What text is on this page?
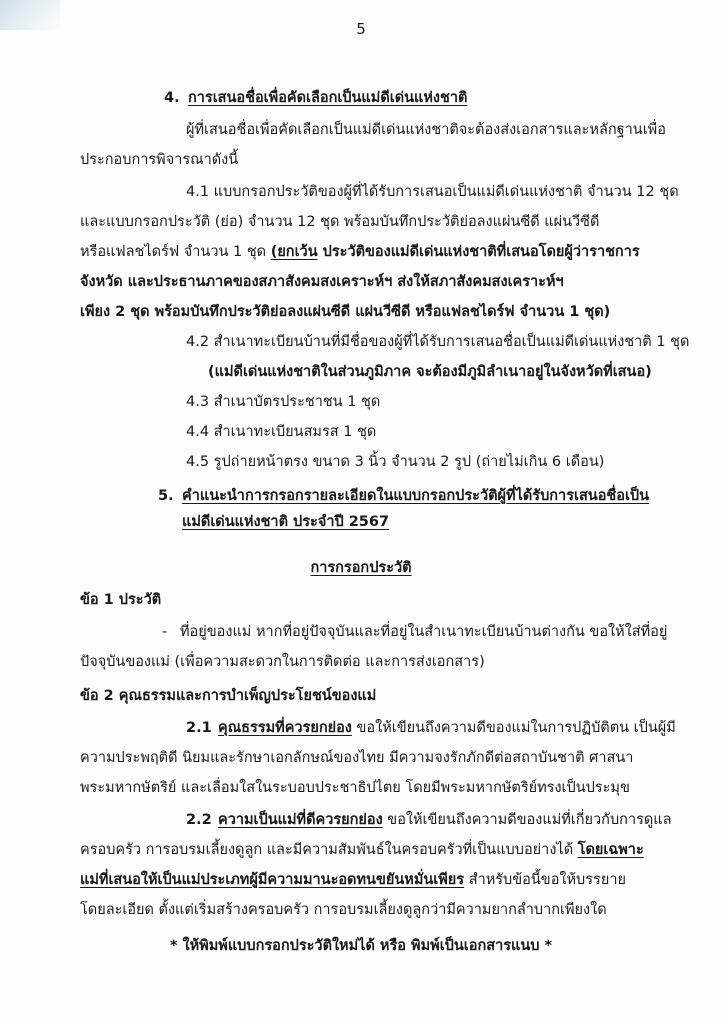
5
4. การเสนอชื่อเพื่อคัดเลือกเป็นแม่ดีเด่นแห่งชาติ
ผู้ที่เสนอชื่อเพื่อคัดเลือกเป็นแม่ดีเด่นแห่งชาติจะต้องส่งเอกสารและหลักฐานเพื่อ
ประกอบการพิจารณาดังนี้
4.1 แบบกรอกประวัติของผู้ที่ได้รับการเสนอเป็นแม่ดีเด่นแห่งชาติ จำนวน 12 ชุด
และแบบกรอกประวัติ (ย่อ) จำนวน 12 ชุด พร้อมบันทึกประวัติย่อลงแผ่นซีดี แผ่นวีซีดี
หรือแฟลชไดร์ฟ จำนวน 1 ชุด (ยกเว้น ประวัติของแม่ดีเด่นแห่งชาติที่เสนอโดยผู้ว่าราชการ
จังหวัด และประธานภาคของสภาสังคมสงเคราะห์ฯ ส่งให้สภาสังคมสงเคราะห์ฯ
เพียง 2 ชุด พร้อมบันทึกประวัติย่อลงแผ่นซีดี แผ่นวีซีดี หรือแฟลชไดร์ฟ จำนวน 1 ชุด)
4.2 สำเนาทะเบียนบ้านที่มีชื่อของผู้ที่ได้รับการเสนอชื่อเป็นแม่ดีเด่นแห่งชาติ 1 ชุด
(แม่ดีเด่นแห่งชาติในส่วนภูมิภาค จะต้องมีภูมิลำเนาอยู่ในจังหวัดที่เสนอ)
4.3 สำเนาบัตรประชาชน 1 ชุด
4.4 สำเนาทะเบียนสมรส 1 ชุด
4.5 รูปถ่ายหน้าตรง ขนาด 3 นิ้ว จำนวน 2 รูป (ถ่ายไม่เกิน 6 เดือน)
5. คำแนะนำการกรอกรายละเอียดในแบบกรอกประวัติผู้ที่ได้รับการเสนอชื่อเป็น
แม่ดีเด่นแห่งชาติ ประจำปี 2567
การกรอกประวัติ
ข้อ 1 ประวัติ
- ที่อยู่ของแม่ หากที่อยู่ปัจจุบันและที่อยู่ในสำเนาทะเบียนบ้านต่างกัน ขอให้ใส่ที่อยู่
ปัจจุบันของแม่ (เพื่อความสะดวกในการติดต่อ และการส่งเอกสาร)
ข้อ 2 คุณธรรมและการบำเพ็ญประโยชน์ของแม่
2.1 คุณธรรมที่ควรยกย่อง ขอให้เขียนถึงความดีของแม่ในการปฏิบัติตน เป็นผู้มี
ความประพฤติดี นิยมและรักษาเอกลักษณ์ของไทย มีความจงรักภักดีต่อสถาบันชาติ ศาสนา
พระมหากษัตริย์ และเลื่อมใสในระบอบประชาธิปไตย โดยมีพระมหากษัตริย์ทรงเป็นประมุข
2.2 ความเป็นแม่ที่ดีควรยกย่อง ขอให้เขียนถึงความดีของแม่ที่เกี่ยวกับการดูแล
ครอบครัว การอบรมเลี้ยงดูลูก และมีความสัมพันธ์ในครอบครัวที่เป็นแบบอย่างได้ โดยเฉพาะ
แม่ที่เสนอให้เป็นแม่ประเภทผู้มีความมานะอดทนขยันหมั่นเพียร สำหรับข้อนี้ขอให้บรรยาย
โดยละเอียด ตั้งแต่เริ่มสร้างครอบครัว การอบรมเลี้ยงดูลูกว่ามีความยากลำบากเพียงใด
* ให้พิมพ์แบบกรอกประวัติใหม่ได้ หรือ พิมพ์เป็นเอกสารแนบ *
